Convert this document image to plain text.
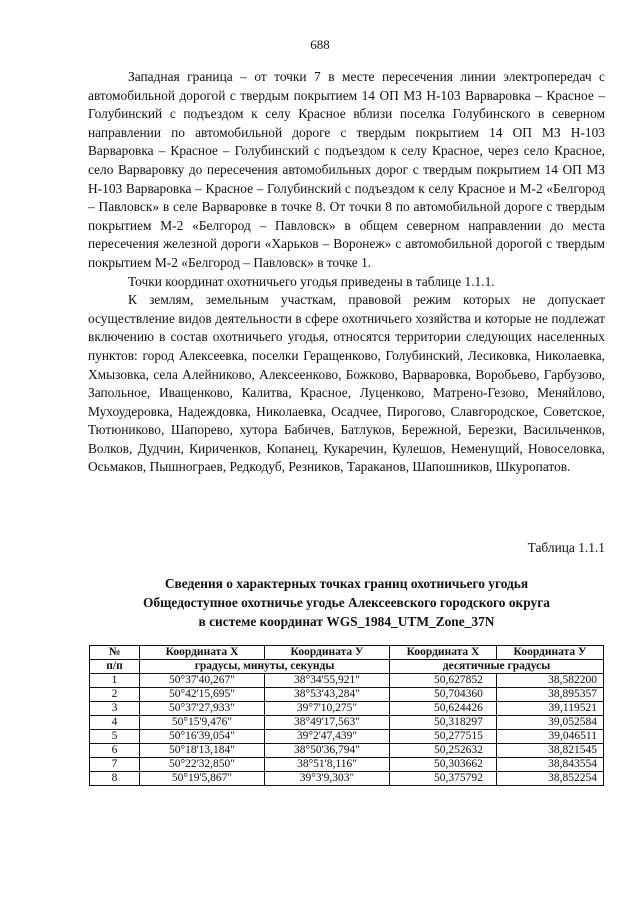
688

Западная граница – от точки 7 в месте пересечения линии электропередач с автомобильной дорогой с твердым покрытием 14 ОП МЗ Н-103 Варваровка – Красное – Голубинский с подъездом к селу Красное вблизи поселка Голубинского в северном направлении по автомобильной дороге с твердым покрытием 14 ОП МЗ Н-103 Варваровка – Красное – Голубинский с подъездом к селу Красное, через село Красное, село Варваровку до пересечения автомобильных дорог с твердым покрытием 14 ОП МЗ Н-103 Варваровка – Красное – Голубинский с подъездом к селу Красное и М-2 «Белгород – Павловск» в селе Варваровке в точке 8. От точки 8 по автомобильной дороге с твердым покрытием М-2 «Белгород – Павловск» в общем северном направлении до места пересечения железной дороги «Харьков – Воронеж» с автомобильной дорогой с твердым покрытием М-2 «Белгород – Павловск» в точке 1.

Точки координат охотничьего угодья приведены в таблице 1.1.1.

К землям, земельным участкам, правовой режим которых не допускает осуществление видов деятельности в сфере охотничьего хозяйства и которые не подлежат включению в состав охотничьего угодья, относятся территории следующих населенных пунктов: город Алексеевка, поселки Геращенково, Голубинский, Лесиковка, Николаевка, Хмызовка, села Алейниково, Алексеенково, Божково, Варваровка, Воробьево, Гарбузово, Запольное, Иващенково, Калитва, Красное, Луценково, Матрено-Гезово, Меняйлово, Мухоудеровка, Надеждовка, Николаевка, Осадчее, Пирогово, Славгородское, Советское, Тютюниково, Шапорево, хутора Бабичев, Батлуков, Бережной, Березки, Васильченков, Волков, Дудчин, Кириченков, Копанец, Кукаречин, Кулешов, Неменущий, Новоселовка, Осьмаков, Пышнограев, Редкодуб, Резников, Тараканов, Шапошников, Шкуропатов.

Таблица 1.1.1
Сведения о характерных точках границ охотничьего угодья
Общедоступное охотничье угодье Алексеевского городского округа
в системе координат WGS_1984_UTM_Zone_37N
№	Координата X	Координата У	Координата X	Координата У
п/п	градусы, минуты, секунды		десятичные градусы	
1	50°37'40,267"	38°34'55,921"	50,627852	38,582200
2	50°42'15,695"	38°53'43,284"	50,704360	38,895357
3	50°37'27,933"	39°7'10,275"	50,624426	39,119521
4	50°15'9,476"	38°49'17,563"	50,318297	39,052584
5	50°16'39,054"	39°2'47,439"	50,277515	39,046511
6	50°18'13,184"	38°50'36,794"	50,252632	38,821545
7	50°22'32,850"	38°51'8,116"	50,303662	38,843554
8	50°19'5,867"	39°3'9,303"	50,375792	38,852254
